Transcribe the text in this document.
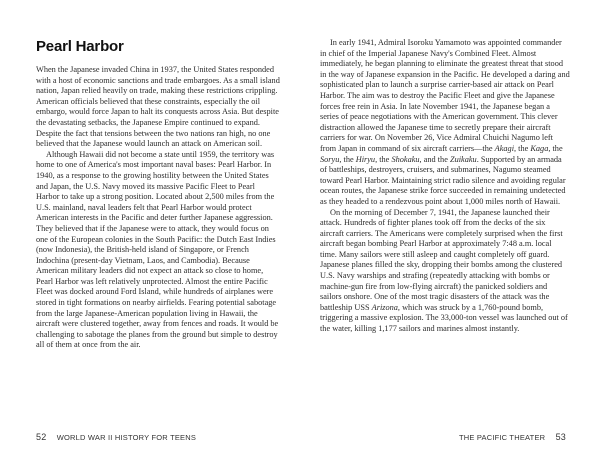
Pearl Harbor

When the Japanese invaded China in 1937, the United States responded with a host of economic sanctions and trade embargoes. As a small island nation, Japan relied heavily on trade, making these restrictions crippling. American officials believed that these constraints, especially the oil embargo, would force Japan to halt its conquests across Asia. But despite the devastating setbacks, the Japanese Empire continued to expand. Despite the fact that tensions between the two nations ran high, no one believed that the Japanese would launch an attack on American soil.

Although Hawaii did not become a state until 1959, the territory was home to one of America's most important naval bases: Pearl Harbor. In 1940, as a response to the growing hostility between the United States and Japan, the U.S. Navy moved its massive Pacific Fleet to Pearl Harbor to take up a strong position. Located about 2,500 miles from the U.S. mainland, naval leaders felt that Pearl Harbor would protect American interests in the Pacific and deter further Japanese aggression. They believed that if the Japanese were to attack, they would focus on one of the European colonies in the South Pacific: the Dutch East Indies (now Indonesia), the British-held island of Singapore, or French Indochina (present-day Vietnam, Laos, and Cambodia). Because American military leaders did not expect an attack so close to home, Pearl Harbor was left relatively unprotected. Almost the entire Pacific Fleet was docked around Ford Island, while hundreds of airplanes were stored in tight formations on nearby airfields. Fearing potential sabotage from the large Japanese-American population living in Hawaii, the aircraft were clustered together, away from fences and roads. It would be challenging to sabotage the planes from the ground but simple to destroy all of them at once from the air.

In early 1941, Admiral Isoroku Yamamoto was appointed commander in chief of the Imperial Japanese Navy's Combined Fleet. Almost immediately, he began planning to eliminate the greatest threat that stood in the way of Japanese expansion in the Pacific. He developed a daring and sophisticated plan to launch a surprise carrier-based air attack on Pearl Harbor. The aim was to destroy the Pacific Fleet and give the Japanese forces free rein in Asia. In late November 1941, the Japanese began a series of peace negotiations with the American government. This clever distraction allowed the Japanese time to secretly prepare their aircraft carriers for war. On November 26, Vice Admiral Chuichi Nagumo left from Japan in command of six aircraft carriers—the Akagi, the Kaga, the Soryu, the Hiryu, the Shokaku, and the Zuikaku. Supported by an armada of battleships, destroyers, cruisers, and submarines, Nagumo steamed toward Pearl Harbor. Maintaining strict radio silence and avoiding regular ocean routes, the Japanese strike force succeeded in remaining undetected as they headed to a rendezvous point about 1,000 miles north of Hawaii.

On the morning of December 7, 1941, the Japanese launched their attack. Hundreds of fighter planes took off from the decks of the six aircraft carriers. The Americans were completely surprised when the first aircraft began bombing Pearl Harbor at approximately 7:48 a.m. local time. Many sailors were still asleep and caught completely off guard. Japanese planes filled the sky, dropping their bombs among the clustered U.S. Navy warships and strafing (repeatedly attacking with bombs or machine-gun fire from low-flying aircraft) the panicked soldiers and sailors onshore. One of the most tragic disasters of the attack was the battleship USS Arizona, which was struck by a 1,760-pound bomb, triggering a massive explosion. The 33,000-ton vessel was launched out of the water, killing 1,177 sailors and marines almost instantly.

52 WORLD WAR II HISTORY FOR TEENS	THE PACIFIC THEATER 53
